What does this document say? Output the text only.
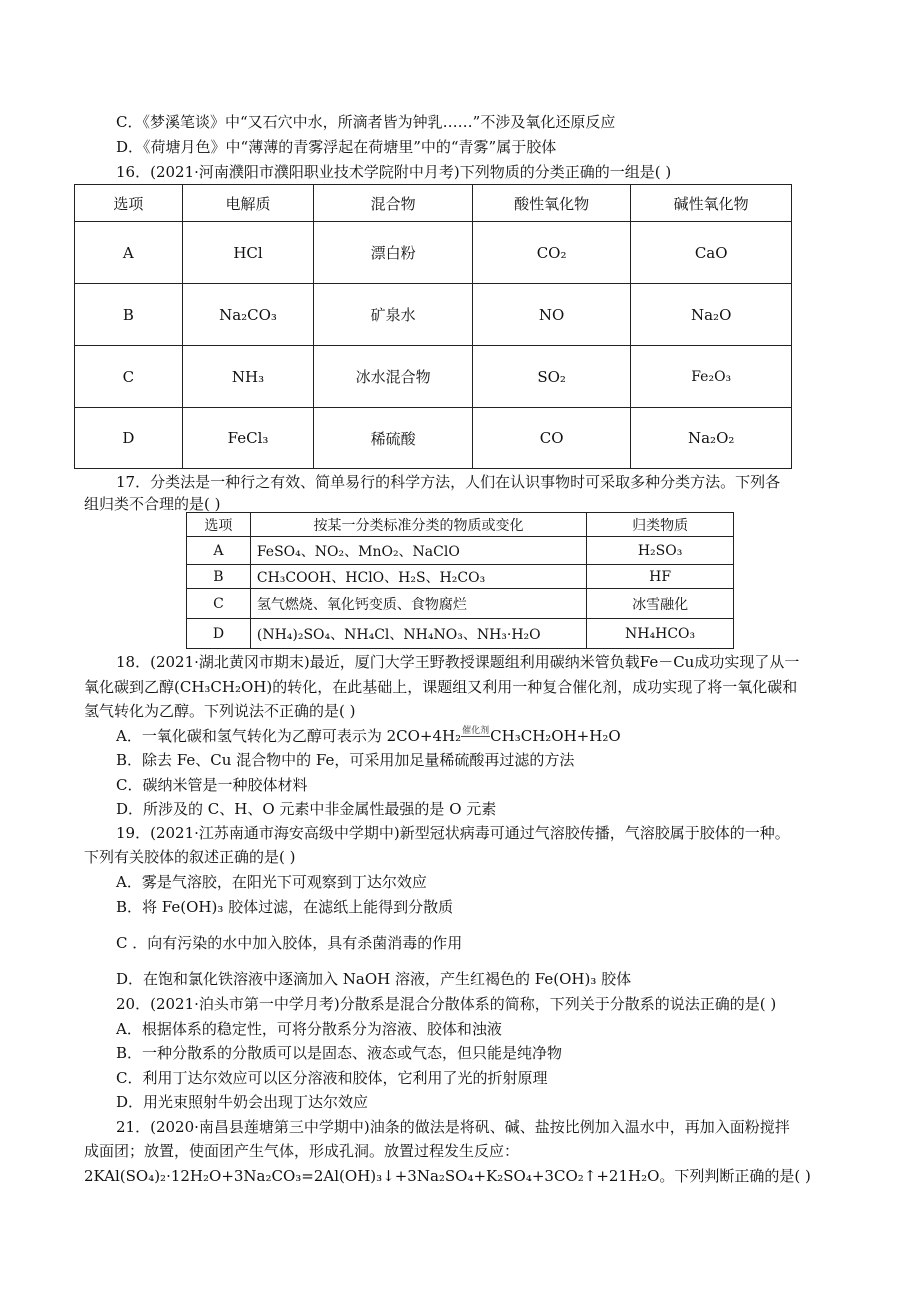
C．《梦溪笔谈》中“又石穴中水，所滴者皆为钟乳……”不涉及氧化还原反应
D．《荷塘月色》中“薄薄的青雾浮起在荷塘里”中的“青雾”属于胶体
16．(2021·河南濮阳市濮阳职业技术学院附中月考)下列物质的分类正确的一组是( )
选项	电解质	混合物	酸性氧化物	碱性氧化物
A	HCl	漂白粉	CO₂	CaO
B	Na₂CO₃	矿泉水	NO	Na₂O
C	NH₃	冰水混合物	SO₂	Fe₂O₃
D	FeCl₃	稀硫酸	CO	Na₂O₂
17．分类法是一种行之有效、简单易行的科学方法，人们在认识事物时可采取多种分类方法。下列各
组归类不合理的是( )
选项	按某一分类标准分类的物质或变化	归类物质
A	FeSO₄、NO₂、MnO₂、NaClO	H₂SO₃
B	CH₃COOH、HClO、H₂S、H₂CO₃	HF
C	氢气燃烧、氧化钙变质、食物腐烂	冰雪融化
D	(NH₄)₂SO₄、NH₄Cl、NH₄NO₃、NH₃·H₂O	NH₄HCO₃
18．(2021·湖北黄冈市期末)最近，厦门大学王野教授课题组利用碳纳米管负载Fe－Cu成功实现了从一
氧化碳到乙醇(CH₃CH₂OH)的转化，在此基础上，课题组又利用一种复合催化剂，成功实现了将一氧化碳和
氢气转化为乙醇。下列说法不正确的是( )
A．一氧化碳和氢气转化为乙醇可表示为 2CO+4H₂催化剂CH₃CH₂OH+H₂O
B．除去 Fe、Cu 混合物中的 Fe，可采用加足量稀硫酸再过滤的方法
C．碳纳米管是一种胶体材料
D．所涉及的 C、H、O 元素中非金属性最强的是 O 元素
19．(2021·江苏南通市海安高级中学期中)新型冠状病毒可通过气溶胶传播，气溶胶属于胶体的一种。
下列有关胶体的叙述正确的是( )
A．雾是气溶胶，在阳光下可观察到丁达尔效应
B．将 Fe(OH)₃ 胶体过滤，在滤纸上能得到分散质
C ．向有污染的水中加入胶体，具有杀菌消毒的作用
D．在饱和氯化铁溶液中逐滴加入 NaOH 溶液，产生红褐色的 Fe(OH)₃ 胶体
20．(2021·泊头市第一中学月考)分散系是混合分散体系的简称，下列关于分散系的说法正确的是( )
A．根据体系的稳定性，可将分散系分为溶液、胶体和浊液
B．一种分散系的分散质可以是固态、液态或气态，但只能是纯净物
C．利用丁达尔效应可以区分溶液和胶体，它利用了光的折射原理
D．用光束照射牛奶会出现丁达尔效应
21．(2020·南昌县莲塘第三中学期中)油条的做法是将矾、碱、盐按比例加入温水中，再加入面粉搅拌
成面团；放置，使面团产生气体，形成孔洞。放置过程发生反应：
2KAl(SO₄)₂·12H₂O+3Na₂CO₃=2Al(OH)₃↓+3Na₂SO₄+K₂SO₄+3CO₂↑+21H₂O。下列判断正确的是( )
